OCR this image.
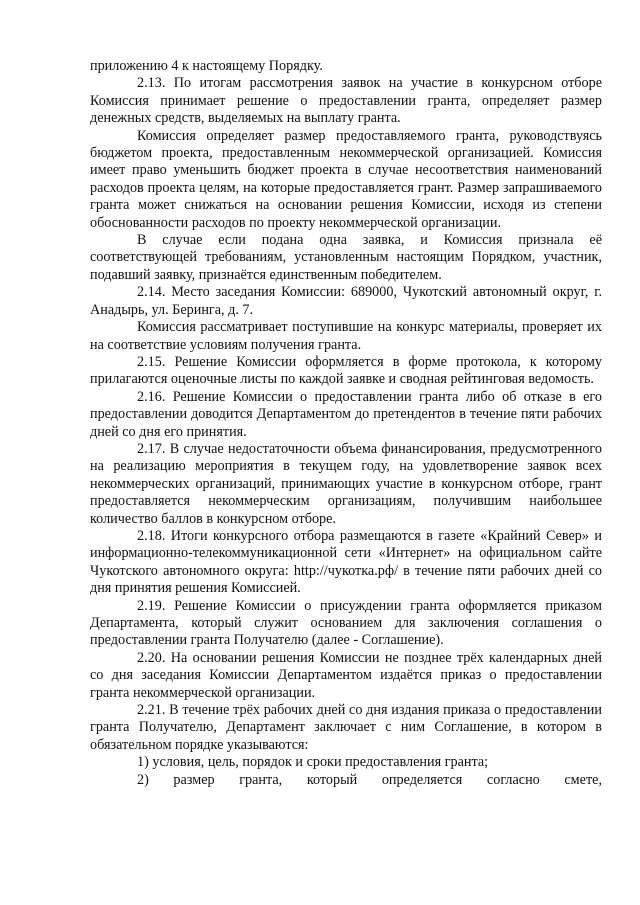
приложению 4 к настоящему Порядку.

2.13. По итогам рассмотрения заявок на участие в конкурсном отборе Комиссия принимает решение о предоставлении гранта, определяет размер денежных средств, выделяемых на выплату гранта.

Комиссия определяет размер предоставляемого гранта, руководствуясь бюджетом проекта, предоставленным некоммерческой организацией. Комиссия имеет право уменьшить бюджет проекта в случае несоответствия наименований расходов проекта целям, на которые предоставляется грант. Размер запрашиваемого гранта может снижаться на основании решения Комиссии, исходя из степени обоснованности расходов по проекту некоммерческой организации.

В случае если подана одна заявка, и Комиссия признала её соответствующей требованиям, установленным настоящим Порядком, участник, подавший заявку, признаётся единственным победителем.

2.14. Место заседания Комиссии: 689000, Чукотский автономный округ, г. Анадырь, ул. Беринга, д. 7.

Комиссия рассматривает поступившие на конкурс материалы, проверяет их на соответствие условиям получения гранта.

2.15. Решение Комиссии оформляется в форме протокола, к которому прилагаются оценочные листы по каждой заявке и сводная рейтинговая ведомость.

2.16. Решение Комиссии о предоставлении гранта либо об отказе в его предоставлении доводится Департаментом до претендентов в течение пяти рабочих дней со дня его принятия.

2.17. В случае недостаточности объема финансирования, предусмотренного на реализацию мероприятия в текущем году, на удовлетворение заявок всех некоммерческих организаций, принимающих участие в конкурсном отборе, грант предоставляется некоммерческим организациям, получившим наибольшее количество баллов в конкурсном отборе.

2.18. Итоги конкурсного отбора размещаются в газете «Крайний Север» и информационно-телекоммуникационной сети «Интернет» на официальном сайте Чукотского автономного округа: http://чукотка.рф/ в течение пяти рабочих дней со дня принятия решения Комиссией.

2.19. Решение Комиссии о присуждении гранта оформляется приказом Департамента, который служит основанием для заключения соглашения о предоставлении гранта Получателю (далее - Соглашение).

2.20. На основании решения Комиссии не позднее трёх календарных дней со дня заседания Комиссии Департаментом издаётся приказ о предоставлении гранта некоммерческой организации.

2.21. В течение трёх рабочих дней со дня издания приказа о предоставлении гранта Получателю, Департамент заключает с ним Соглашение, в котором в обязательном порядке указываются:

1) условия, цель, порядок и сроки предоставления гранта;

2) размер гранта, который определяется согласно смете,
